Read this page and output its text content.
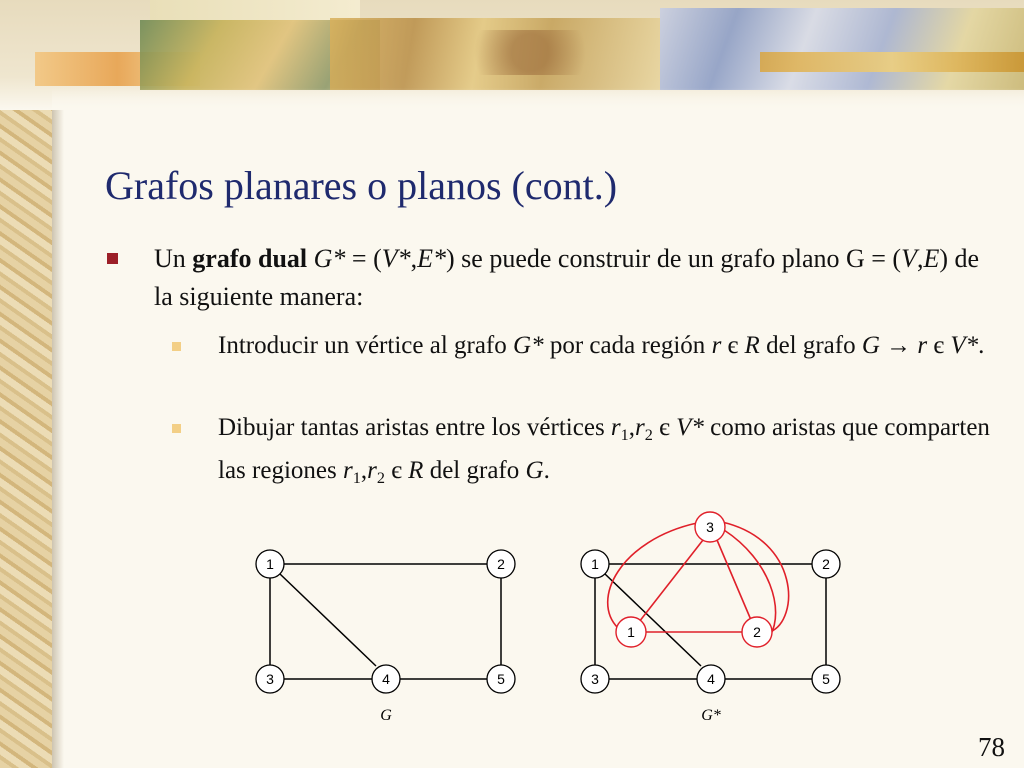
Grafos planares o planos (cont.)
Un grafo dual G* = (V*,E*) se puede construir de un grafo plano G = (V,E) de la siguiente manera:
Introducir un vértice al grafo G* por cada región r є R del grafo G → r є V*.
Dibujar tantas aristas entre los vértices $r_1,r_2$ є V* como aristas que comparten las regiones $r_1,r_2$ є R del grafo G.
1	2
3	4	5
G
1	2
3	4	5
1	2
3
G*
78
